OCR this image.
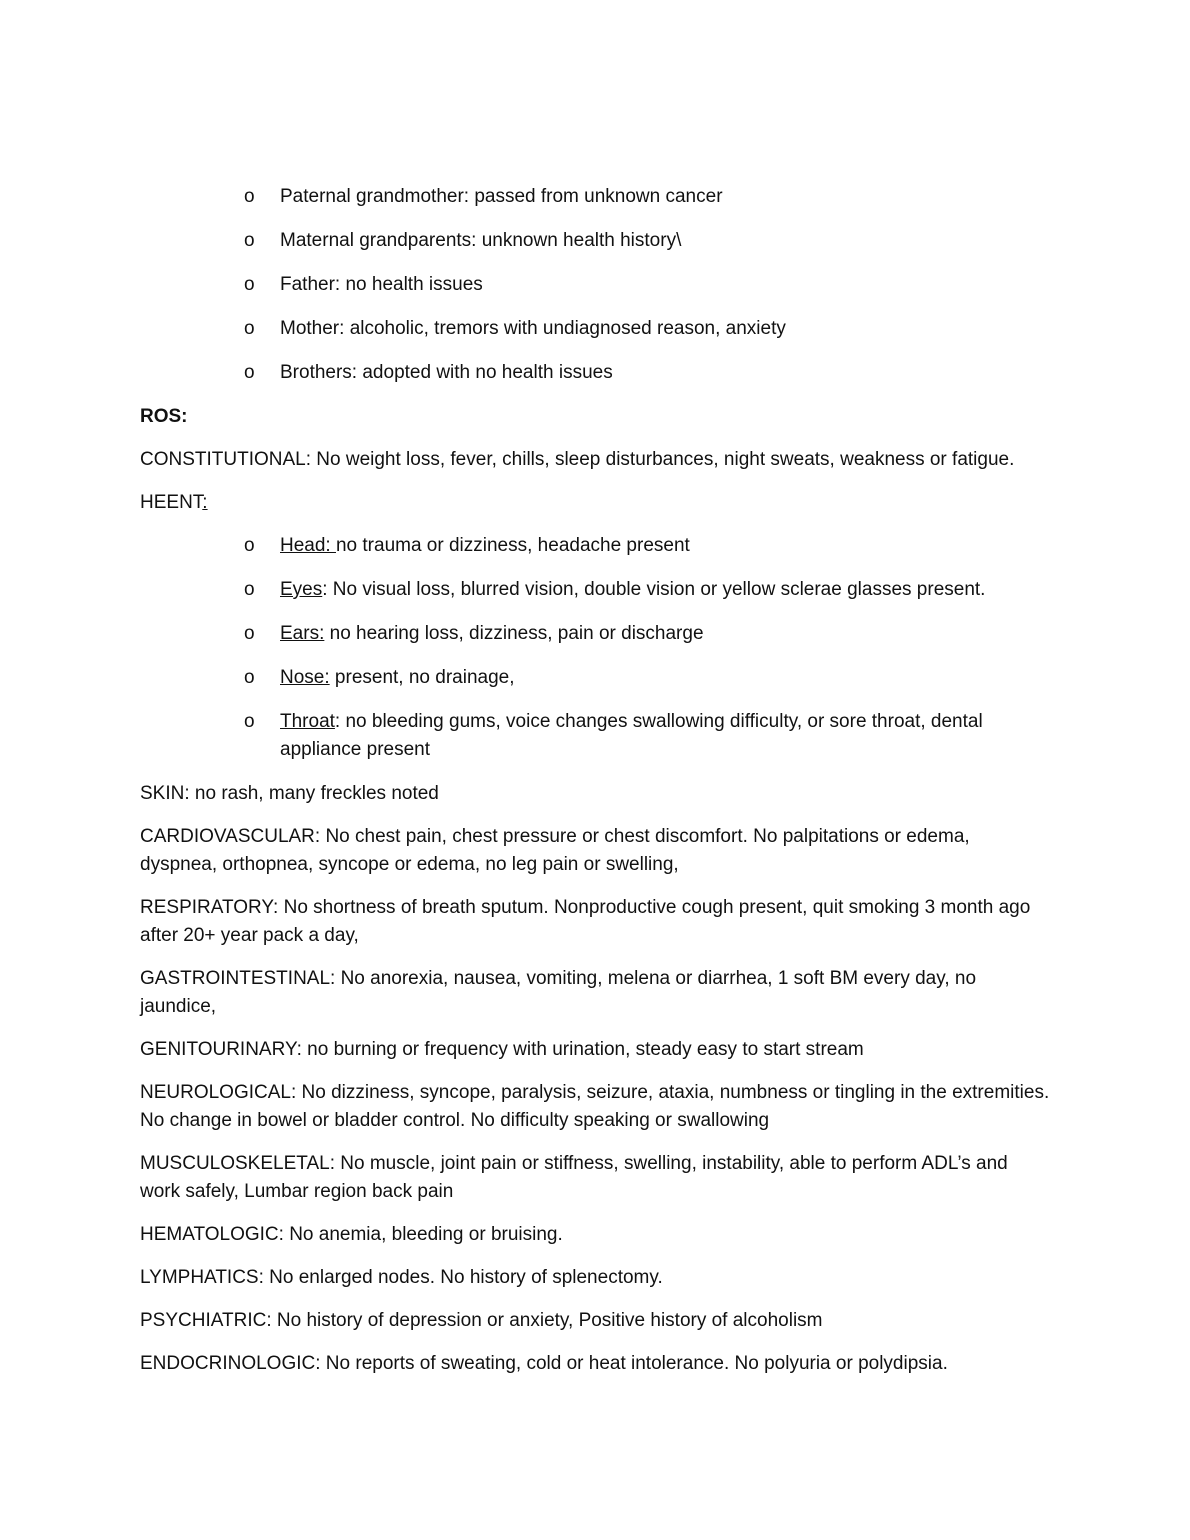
o Paternal grandmother: passed from unknown cancer
o Maternal grandparents: unknown health history\
o Father: no health issues
o Mother: alcoholic, tremors with undiagnosed reason, anxiety
o Brothers: adopted with no health issues

ROS:

CONSTITUTIONAL: No weight loss, fever, chills, sleep disturbances, night sweats, weakness or fatigue.

HEENT:

o Head: no trauma or dizziness, headache present
o Eyes: No visual loss, blurred vision, double vision or yellow sclerae glasses present.
o Ears: no hearing loss, dizziness, pain or discharge
o Nose: present, no drainage,
o Throat: no bleeding gums, voice changes swallowing difficulty, or sore throat, dental appliance present

SKIN: no rash, many freckles noted

CARDIOVASCULAR: No chest pain, chest pressure or chest discomfort. No palpitations or edema, dyspnea, orthopnea, syncope or edema, no leg pain or swelling,

RESPIRATORY: No shortness of breath sputum. Nonproductive cough present, quit smoking 3 month ago after 20+ year pack a day,

GASTROINTESTINAL: No anorexia, nausea, vomiting, melena or diarrhea, 1 soft BM every day, no jaundice,

GENITOURINARY: no burning or frequency with urination, steady easy to start stream

NEUROLOGICAL: No dizziness, syncope, paralysis, seizure, ataxia, numbness or tingling in the extremities. No change in bowel or bladder control. No difficulty speaking or swallowing

MUSCULOSKELETAL: No muscle, joint pain or stiffness, swelling, instability, able to perform ADL’s and work safely, Lumbar region back pain

HEMATOLOGIC: No anemia, bleeding or bruising.

LYMPHATICS: No enlarged nodes. No history of splenectomy.

PSYCHIATRIC: No history of depression or anxiety, Positive history of alcoholism

ENDOCRINOLOGIC: No reports of sweating, cold or heat intolerance. No polyuria or polydipsia.
